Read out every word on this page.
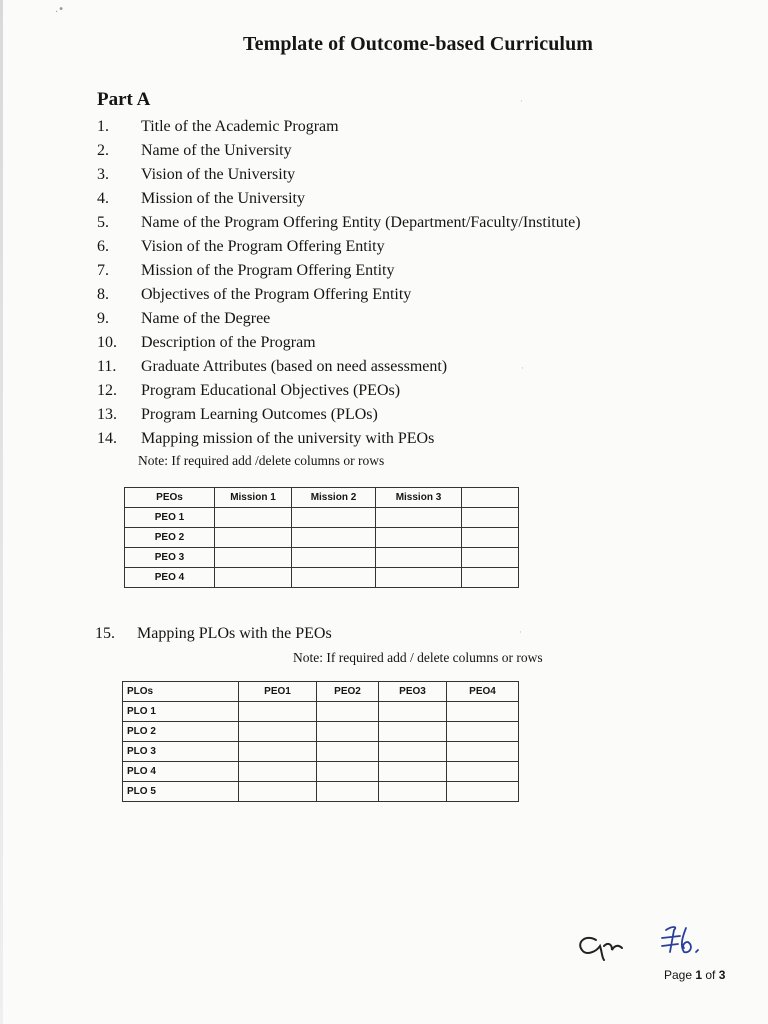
.•
Template of Outcome-based Curriculum
Part A
1.	Title of the Academic Program
2.	Name of the University
3.	Vision of the University
4.	Mission of the University
5.	Name of the Program Offering Entity (Department/Faculty/Institute)
6.	Vision of the Program Offering Entity
7.	Mission of the Program Offering Entity
8.	Objectives of the Program Offering Entity
9.	Name of the Degree
10.	Description of the Program
11.	Graduate Attributes (based on need assessment)
12.	Program Educational Objectives (PEOs)
13.	Program Learning Outcomes (PLOs)
14.	Mapping mission of the university with PEOs
Note: If required add /delete columns or rows
PEOs	Mission 1	Mission 2	Mission 3	
PEO 1				
PEO 2				
PEO 3				
PEO 4				
15. Mapping PLOs with the PEOs
Note: If required add / delete columns or rows
PLOs	PEO1	PEO2	PEO3	PEO4
PLO 1				
PLO 2				
PLO 3				
PLO 4				
PLO 5				
Page 1 of 3
·
·
·
